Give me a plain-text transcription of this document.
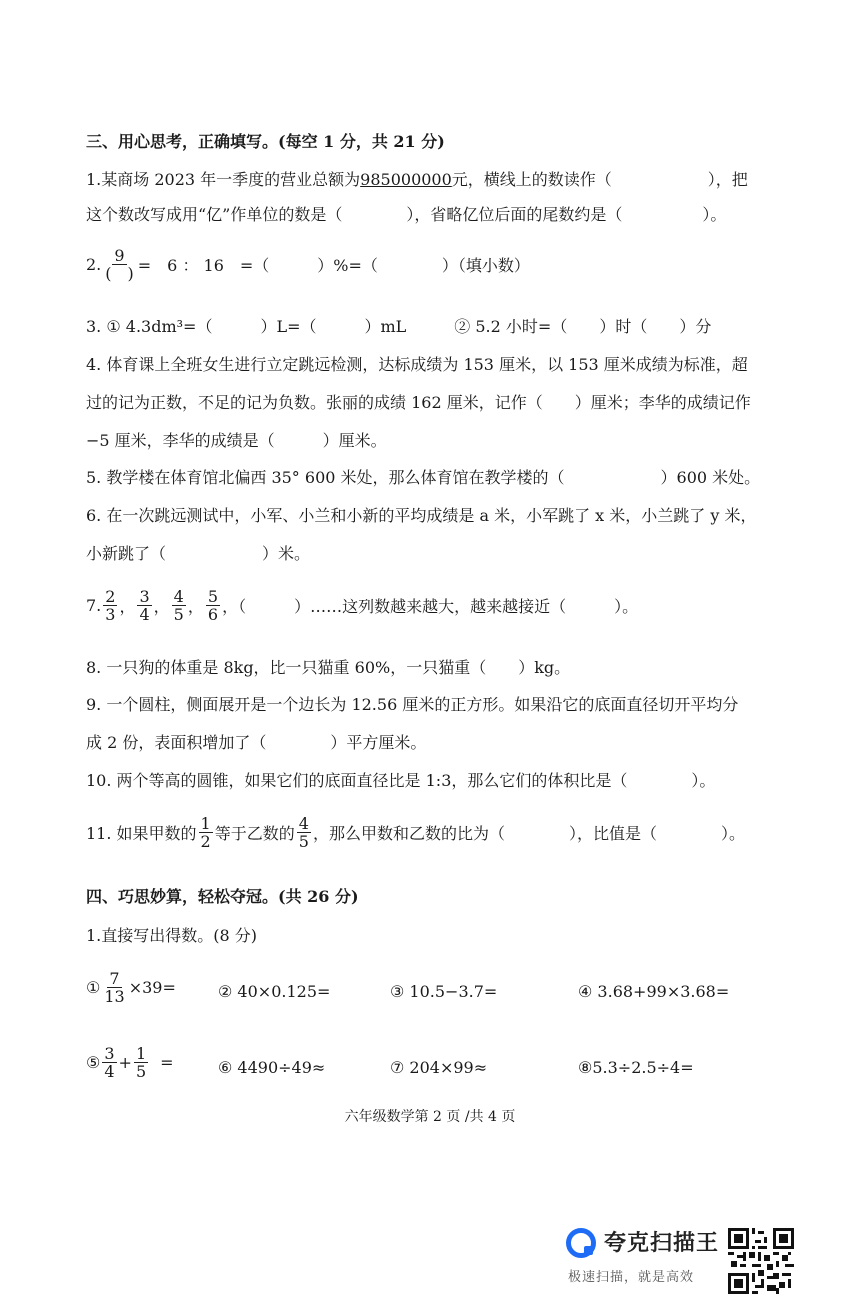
三、用心思考，正确填写。(每空 1 分，共 21 分)
1.某商场 2023 年一季度的营业总额为985000000元，横线上的数读作（　　　　　　），把
这个数改写成用“亿”作单位的数是（　　　　），省略亿位后面的尾数约是（　　　　　）。
2. $\frac{9}{( )}$ =　6 ： 16　=（　　　）%=（　　　　）（填小数）
3. ① 4.3dm³=（　　　）L=（　　　）mL　　　② 5.2 小时=（　　）时（　　）分
4. 体育课上全班女生进行立定跳远检测，达标成绩为 153 厘米，以 153 厘米成绩为标准，超
过的记为正数，不足的记为负数。张丽的成绩 162 厘米，记作（　　）厘米；李华的成绩记作
−5 厘米，李华的成绩是（　　　）厘米。
5. 教学楼在体育馆北偏西 35° 600 米处，那么体育馆在教学楼的（　　　　　　）600 米处。
6. 在一次跳远测试中，小军、小兰和小新的平均成绩是 a 米，小军跳了 x 米，小兰跳了 y 米，
小新跳了（　　　　　　）米。
7. $\frac{2}{3}$ ， $\frac{3}{4}$ ， $\frac{4}{5}$ ， $\frac{5}{6}$ ，（　　　）……这列数越来越大，越来越接近（　　　）。
8. 一只狗的体重是 8kg，比一只猫重 60%，一只猫重（　　）kg。
9. 一个圆柱，侧面展开是一个边长为 12.56 厘米的正方形。如果沿它的底面直径切开平均分
成 2 份，表面积增加了（　　　　）平方厘米。
10. 两个等高的圆锥，如果它们的底面直径比是 1:3，那么它们的体积比是（　　　　）。
11. 如果甲数的 $\frac{1}{2}$ 等于乙数的 $\frac{4}{5}$ ，那么甲数和乙数的比为（　　　　），比值是（　　　　）。
四、巧思妙算，轻松夺冠。(共 26 分)
1.直接写出得数。(8 分)
① $\frac{7}{13} \times 39=$	② 40×0.125=	③ 10.5−3.7=	④ 3.68+99×3.68=
⑤ $\frac{3}{4} + \frac{1}{5}$ =	⑥ 4490÷49≈	⑦ 204×99≈	⑧5.3÷2.5÷4=
六年级数学第 2 页 /共 4 页
夸克扫描王
极速扫描，就是高效
